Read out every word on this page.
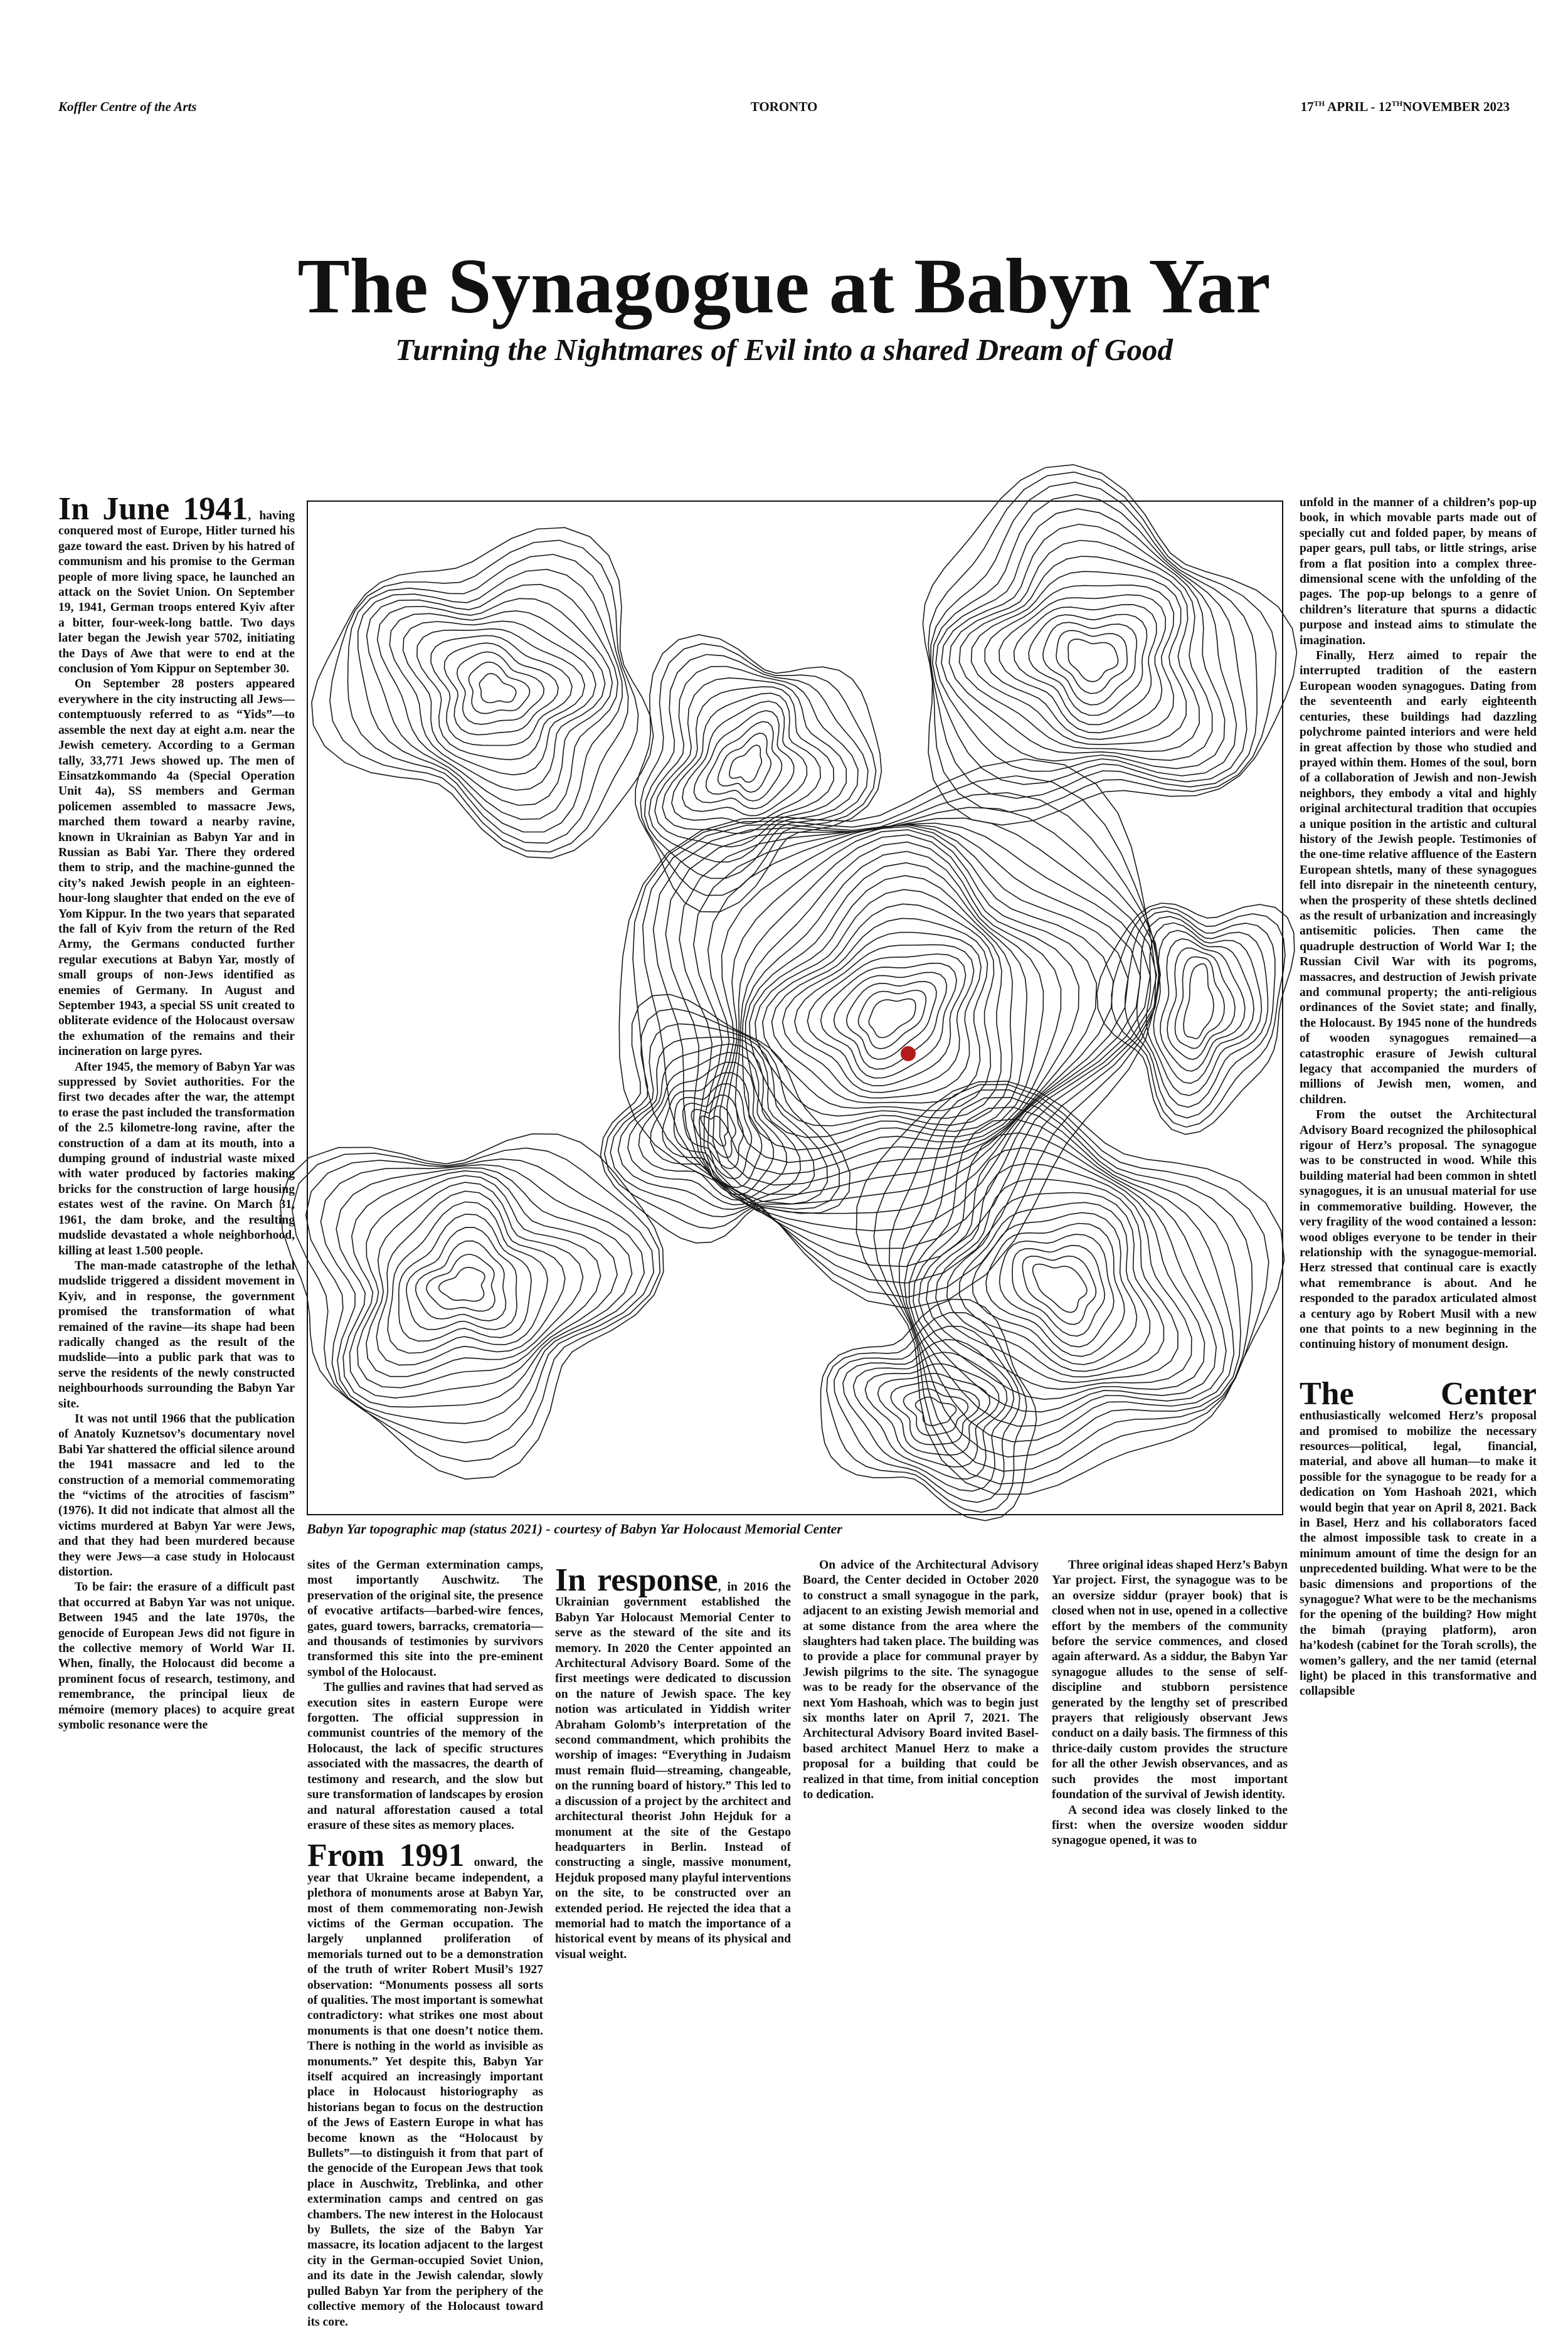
Koffler Centre of the Arts	TORONTO	17TH APRIL - 12THNOVEMBER 2023
The Synagogue at Babyn Yar
Turning the Nightmares of Evil into a shared Dream of Good

In June 1941, having conquered most of Europe, Hitler turned his gaze toward the east. Driven by his hatred of communism and his promise to the German people of more living space, he launched an attack on the Soviet Union. On September 19, 1941, German troops entered Kyiv after a bitter, four-week-long battle. Two days later began the Jewish year 5702, initiating the Days of Awe that were to end at the conclusion of Yom Kippur on September 30.

On September 28 posters appeared everywhere in the city instructing all Jews—contemptuously referred to as “Yids”—to assemble the next day at eight a.m. near the Jewish cemetery. According to a German tally, 33,771 Jews showed up. The men of Einsatzkommando 4a (Special Operation Unit 4a), SS members and German policemen assembled to massacre Jews, marched them toward a nearby ravine, known in Ukrainian as Babyn Yar and in Russian as Babi Yar. There they ordered them to strip, and the machine-gunned the city’s naked Jewish people in an eighteen-hour-long slaughter that ended on the eve of Yom Kippur. In the two years that separated the fall of Kyiv from the return of the Red Army, the Germans conducted further regular executions at Babyn Yar, mostly of small groups of non-Jews identified as enemies of Germany. In August and September 1943, a special SS unit created to obliterate evidence of the Holocaust oversaw the exhumation of the remains and their incineration on large pyres.

After 1945, the memory of Babyn Yar was suppressed by Soviet authorities. For the first two decades after the war, the attempt to erase the past included the transformation of the 2.5 kilometre-long ravine, after the construction of a dam at its mouth, into a dumping ground of industrial waste mixed with water produced by factories making bricks for the construction of large housing estates west of the ravine. On March 31, 1961, the dam broke, and the resulting mudslide devastated a whole neighborhood, killing at least 1.500 people.

The man-made catastrophe of the lethal mudslide triggered a dissident movement in Kyiv, and in response, the government promised the transformation of what remained of the ravine—its shape had been radically changed as the result of the mudslide—into a public park that was to serve the residents of the newly constructed neighbourhoods surrounding the Babyn Yar site.

It was not until 1966 that the publication of Anatoly Kuznetsov’s documentary novel Babi Yar shattered the official silence around the 1941 massacre and led to the construction of a memorial commemorating the “victims of the atrocities of fascism” (1976). It did not indicate that almost all the victims murdered at Babyn Yar were Jews, and that they had been murdered because they were Jews—a case study in Holocaust distortion.

To be fair: the erasure of a difficult past that occurred at Babyn Yar was not unique. Between 1945 and the late 1970s, the genocide of European Jews did not figure in the collective memory of World War II. When, finally, the Holocaust did become a prominent focus of research, testimony, and remembrance, the principal lieux de mémoire (memory places) to acquire great symbolic resonance were the

Babyn Yar topographic map (status 2021) - courtesy of Babyn Yar Holocaust Memorial Center

sites of the German extermination camps, most importantly Auschwitz. The preservation of the original site, the presence of evocative artifacts—barbed-wire fences, gates, guard towers, barracks, crematoria—and thousands of testimonies by survivors transformed this site into the pre-eminent symbol of the Holocaust.

The gullies and ravines that had served as execution sites in eastern Europe were forgotten. The official suppression in communist countries of the memory of the Holocaust, the lack of specific structures associated with the massacres, the dearth of testimony and research, and the slow but sure transformation of landscapes by erosion and natural afforestation caused a total erasure of these sites as memory places.

From 1991 onward, the year that Ukraine became independent, a plethora of monuments arose at Babyn Yar, most of them commemorating non-Jewish victims of the German occupation. The largely unplanned proliferation of memorials turned out to be a demonstration of the truth of writer Robert Musil’s 1927 observation: “Monuments possess all sorts of qualities. The most important is somewhat contradictory: what strikes one most about monuments is that one doesn’t notice them. There is nothing in the world as invisible as monuments.” Yet despite this, Babyn Yar itself acquired an increasingly important place in Holocaust historiography as historians began to focus on the destruction of the Jews of Eastern Europe in what has become known as the “Holocaust by Bullets”—to distinguish it from that part of the genocide of the European Jews that took place in Auschwitz, Treblinka, and other extermination camps and centred on gas chambers. The new interest in the Holocaust by Bullets, the size of the Babyn Yar massacre, its location adjacent to the largest city in the German-occupied Soviet Union, and its date in the Jewish calendar, slowly pulled Babyn Yar from the periphery of the collective memory of the Holocaust toward its core.

In response, in 2016 the Ukrainian government established the Babyn Yar Holocaust Memorial Center to serve as the steward of the site and its memory. In 2020 the Center appointed an Architectural Advisory Board. Some of the first meetings were dedicated to discussion on the nature of Jewish space. The key notion was articulated in Yiddish writer Abraham Golomb’s interpretation of the second commandment, which prohibits the worship of images: “Everything in Judaism must remain fluid—streaming, changeable, on the running board of history.” This led to a discussion of a project by the architect and architectural theorist John Hejduk for a monument at the site of the Gestapo headquarters in Berlin. Instead of constructing a single, massive monument, Hejduk proposed many playful interventions on the site, to be constructed over an extended period. He rejected the idea that a memorial had to match the importance of a historical event by means of its physical and visual weight.

On advice of the Architectural Advisory Board, the Center decided in October 2020 to construct a small synagogue in the park, adjacent to an existing Jewish memorial and at some distance from the area where the slaughters had taken place. The building was to provide a place for communal prayer by Jewish pilgrims to the site. The synagogue was to be ready for the observance of the next Yom Hashoah, which was to begin just six months later on April 7, 2021. The Architectural Advisory Board invited Basel-based architect Manuel Herz to make a proposal for a building that could be realized in that time, from initial conception to dedication.

Three original ideas shaped Herz’s Babyn Yar project. First, the synagogue was to be an oversize siddur (prayer book) that is closed when not in use, opened in a collective effort by the members of the community before the service commences, and closed again afterward. As a siddur, the Babyn Yar synagogue alludes to the sense of self-discipline and stubborn persistence generated by the lengthy set of prescribed prayers that religiously observant Jews conduct on a daily basis. The firmness of this thrice-daily custom provides the structure for all the other Jewish observances, and as such provides the most important foundation of the survival of Jewish identity.

A second idea was closely linked to the first: when the oversize wooden siddur synagogue opened, it was to

unfold in the manner of a children’s pop-up book, in which movable parts made out of specially cut and folded paper, by means of paper gears, pull tabs, or little strings, arise from a flat position into a complex three-dimensional scene with the unfolding of the pages. The pop-up belongs to a genre of children’s literature that spurns a didactic purpose and instead aims to stimulate the imagination.

Finally, Herz aimed to repair the interrupted tradition of the eastern European wooden synagogues. Dating from the seventeenth and early eighteenth centuries, these buildings had dazzling polychrome painted interiors and were held in great affection by those who studied and prayed within them. Homes of the soul, born of a collaboration of Jewish and non-Jewish neighbors, they embody a vital and highly original architectural tradition that occupies a unique position in the artistic and cultural history of the Jewish people. Testimonies of the one-time relative affluence of the Eastern European shtetls, many of these synagogues fell into disrepair in the nineteenth century, when the prosperity of these shtetls declined as the result of urbanization and increasingly antisemitic policies. Then came the quadruple destruction of World War I; the Russian Civil War with its pogroms, massacres, and destruction of Jewish private and communal property; the anti-religious ordinances of the Soviet state; and finally, the Holocaust. By 1945 none of the hundreds of wooden synagogues remained—a catastrophic erasure of Jewish cultural legacy that accompanied the murders of millions of Jewish men, women, and children.

From the outset the Architectural Advisory Board recognized the philosophical rigour of Herz’s proposal. The synagogue was to be constructed in wood. While this building material had been common in shtetl synagogues, it is an unusual material for use in commemorative building. However, the very fragility of the wood contained a lesson: wood obliges everyone to be tender in their relationship with the synagogue-memorial. Herz stressed that continual care is exactly what remembrance is about. And he responded to the paradox articulated almost a century ago by Robert Musil with a new one that points to a new beginning in the continuing history of monument design.

The Center enthusiastically welcomed Herz’s proposal and promised to mobilize the necessary resources—political, legal, financial, material, and above all human—to make it possible for the synagogue to be ready for a dedication on Yom Hashoah 2021, which would begin that year on April 8, 2021. Back in Basel, Herz and his collaborators faced the almost impossible task to create in a minimum amount of time the design for an unprecedented building. What were to be the basic dimensions and proportions of the synagogue? What were to be the mechanisms for the opening of the building? How might the bimah (praying platform), aron ha’kodesh (cabinet for the Torah scrolls), the women’s gallery, and the ner tamid (eternal light) be placed in this transformative and collapsible
